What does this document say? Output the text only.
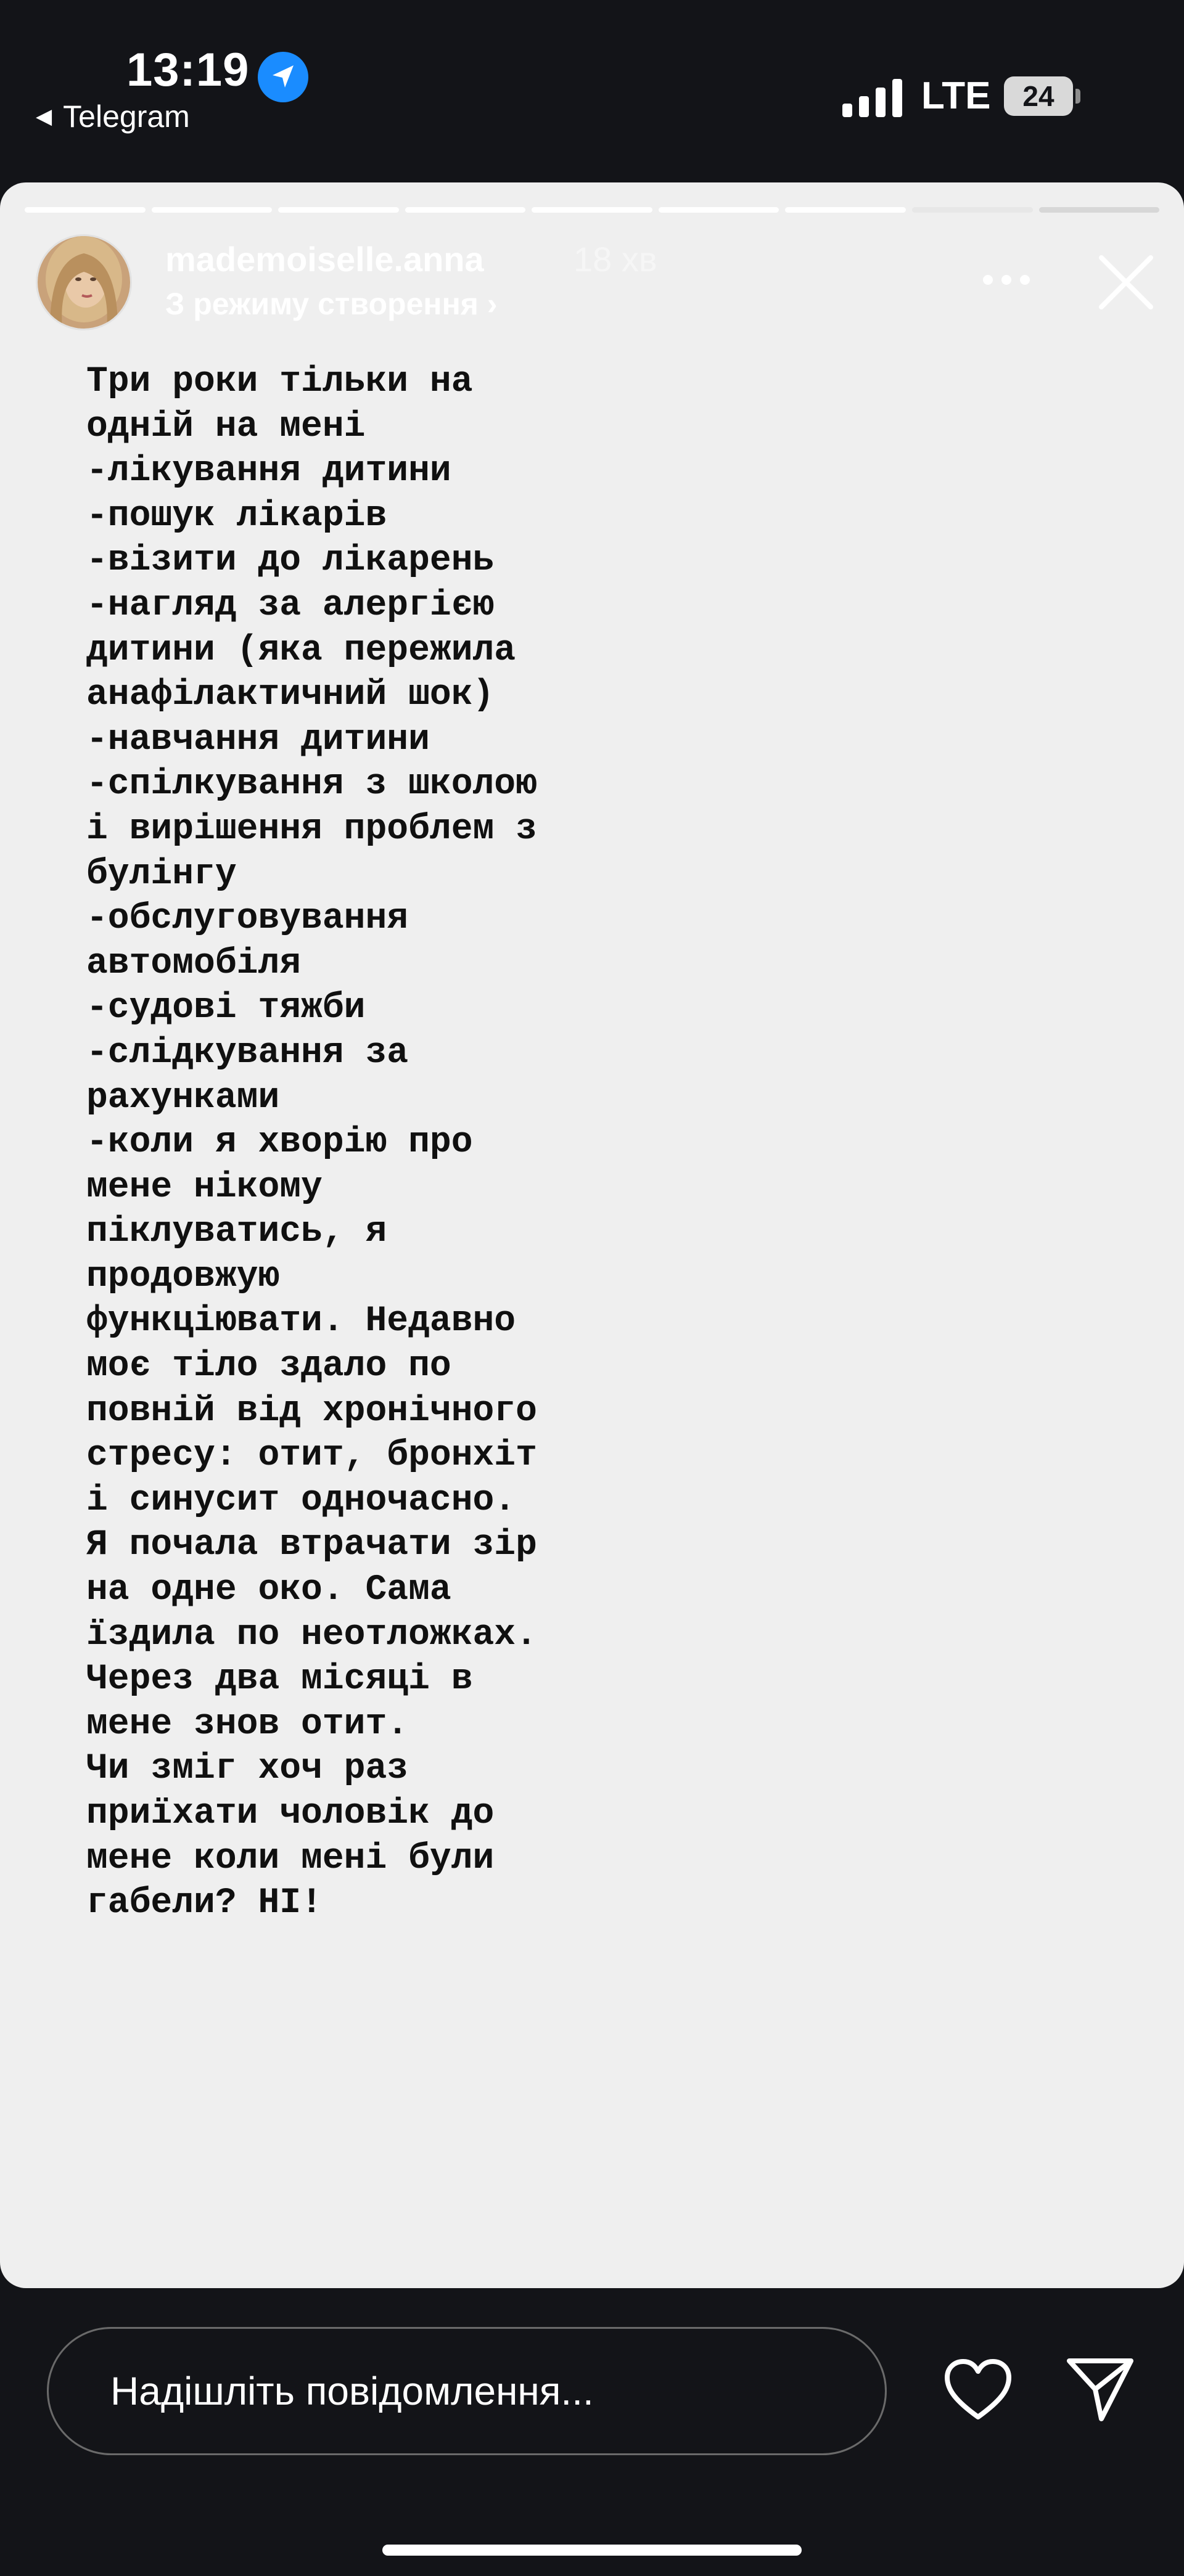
13:19
◀ Telegram	LTE	24
mademoiselle.anna	18 хв
З режиму створення ›
Три роки тільки на
одній на мені
-лікування дитини
-пошук лікарів
-візити до лікарень
-нагляд за алергією
дитини (яка пережила
анафілактичний шок)
-навчання дитини
-спілкування з школою
і вирішення проблем з
булінгу
-обслуговування
автомобіля
-судові тяжби
-слідкування за
рахунками
-коли я хворію про
мене нікому
піклуватись, я
продовжую
функціювати. Недавно
моє тіло здало по
повній від хронічного
стресу: отит, бронхіт
і синусит одночасно.
Я почала втрачати зір
на одне око. Сама
їздила по неотложках.
Через два місяці в
мене знов отит.
Чи зміг хоч раз
приїхати чоловік до
мене коли мені були
габели? НІ!
Надішліть повідомлення...
